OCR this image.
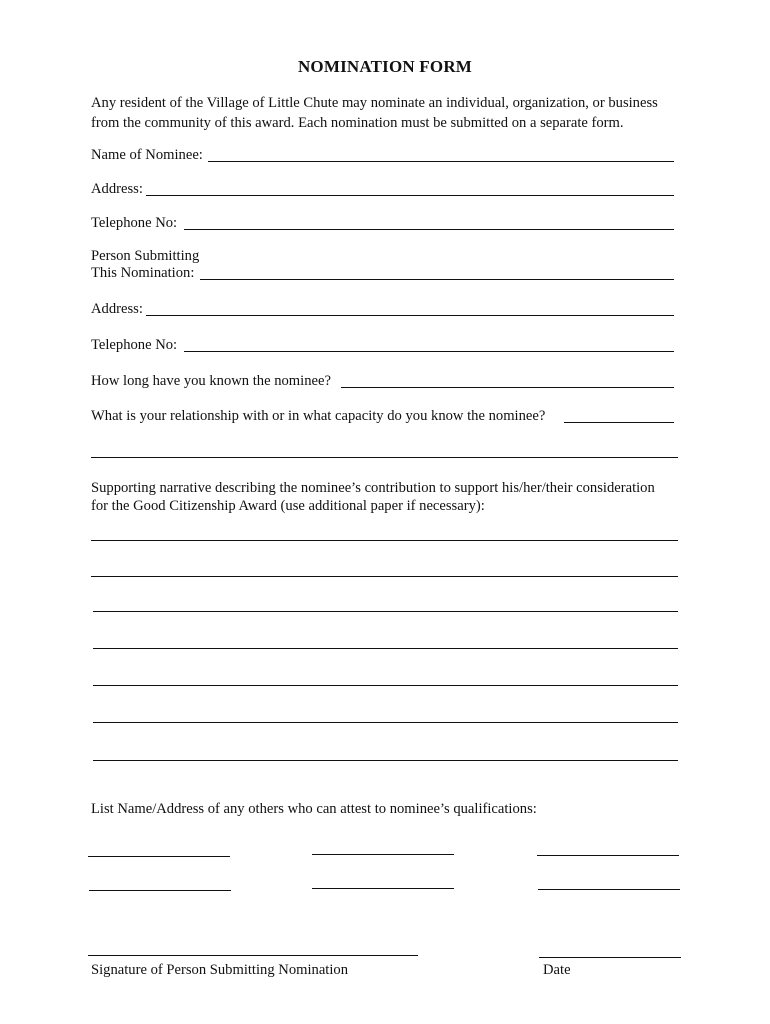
NOMINATION FORM
Any resident of the Village of Little Chute may nominate an individual, organization, or business
from the community of this award. Each nomination must be submitted on a separate form.
Name of Nominee:
Address:
Telephone No:
Person Submitting
This Nomination:
Address:
Telephone No:
How long have you known the nominee?
What is your relationship with or in what capacity do you know the nominee?
Supporting narrative describing the nominee’s contribution to support his/her/their consideration
for the Good Citizenship Award (use additional paper if necessary):
List Name/Address of any others who can attest to nominee’s qualifications:
Signature of Person Submitting Nomination	Date
